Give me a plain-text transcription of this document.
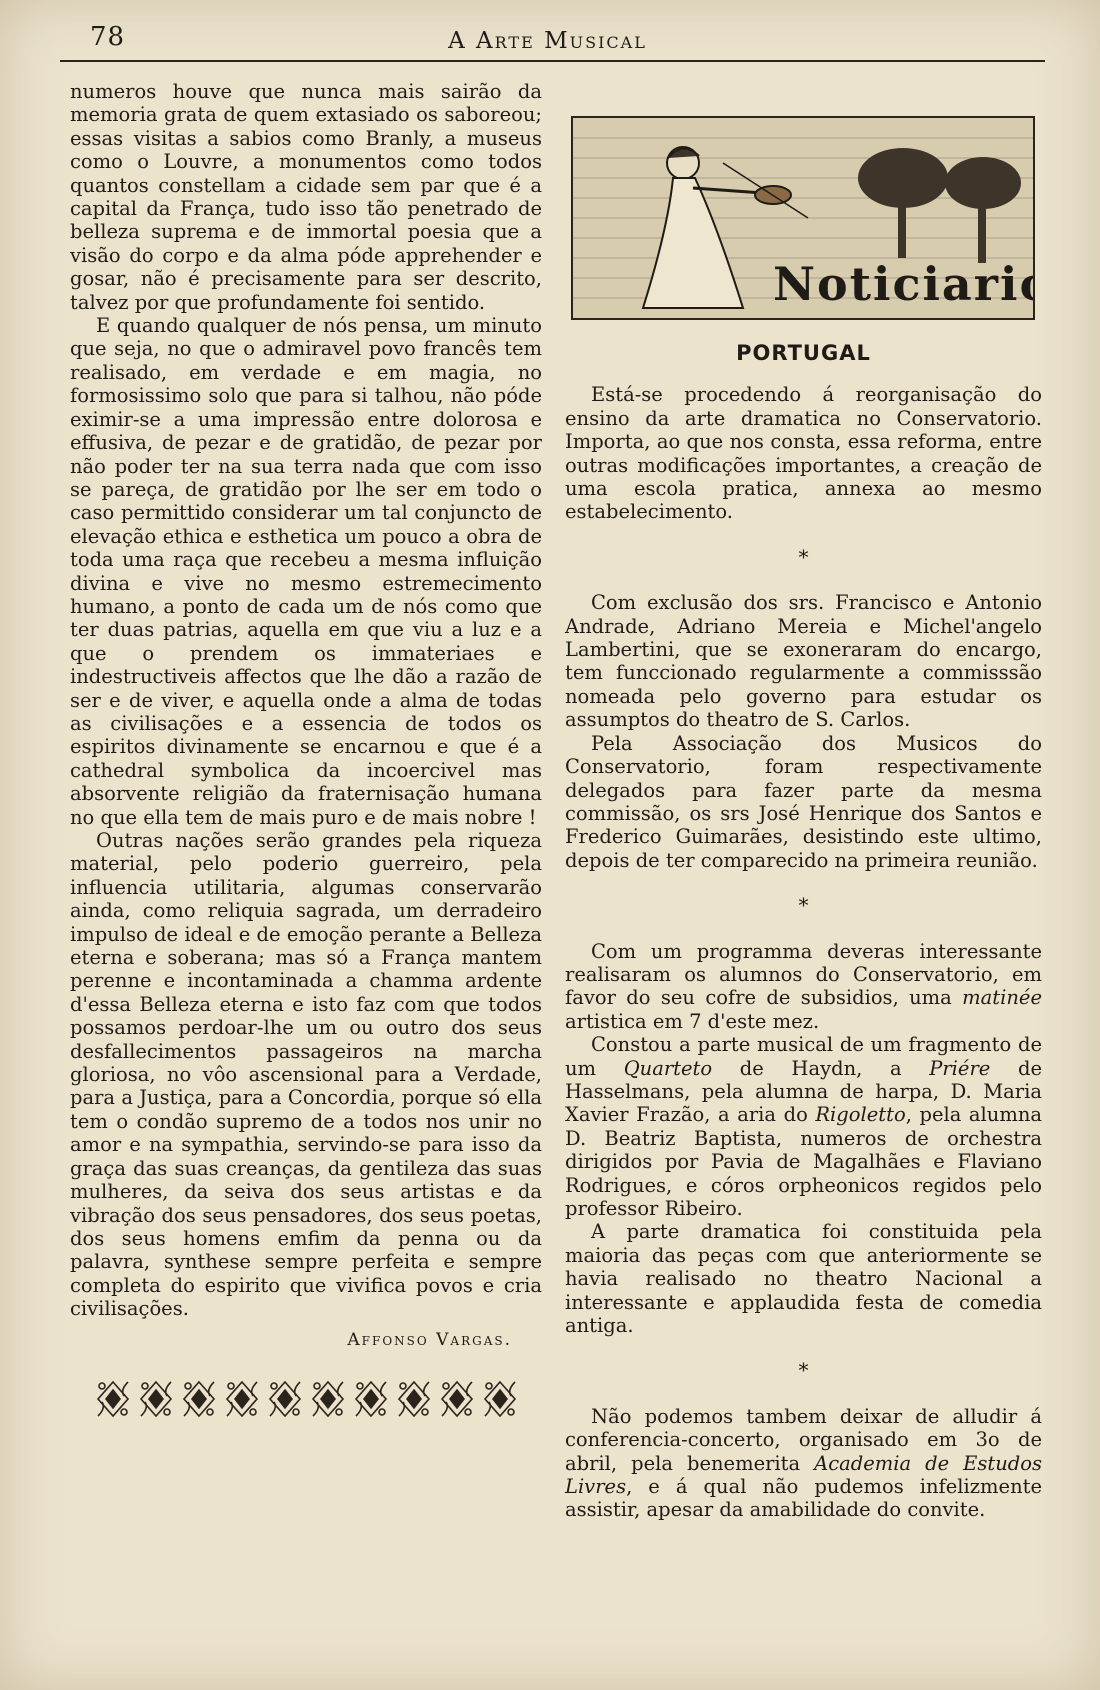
78	A Arte Musical

numeros houve que nunca mais sairão da memoria grata de quem extasiado os saboreou; essas visitas a sabios como Branly, a museus como o Louvre, a monumentos como todos quantos constellam a cidade sem par que é a capital da França, tudo isso tão penetrado de belleza suprema e de immortal poesia que a visão do corpo e da alma póde apprehender e gosar, não é precisamente para ser descrito, talvez por que profundamente foi sentido.

E quando qualquer de nós pensa, um minuto que seja, no que o admiravel povo francês tem realisado, em verdade e em magia, no formosissimo solo que para si talhou, não póde eximir-se a uma impressão entre dolorosa e effusiva, de pezar e de gratidão, de pezar por não poder ter na sua terra nada que com isso se pareça, de gratidão por lhe ser em todo o caso permittido considerar um tal conjuncto de elevação ethica e esthetica um pouco a obra de toda uma raça que recebeu a mesma influição divina e vive no mesmo estremecimento humano, a ponto de cada um de nós como que ter duas patrias, aquella em que viu a luz e a que o prendem os immateriaes e indestructiveis affectos que lhe dão a razão de ser e de viver, e aquella onde a alma de todas as civilisações e a essencia de todos os espiritos divinamente se encarnou e que é a cathedral symbolica da incoercivel mas absorvente religião da fraternisação humana no que ella tem de mais puro e de mais nobre !

Outras nações serão grandes pela riqueza material, pelo poderio guerreiro, pela influencia utilitaria, algumas conservarão ainda, como reliquia sagrada, um derradeiro impulso de ideal e de emoção perante a Belleza eterna e soberana; mas só a França mantem perenne e incontaminada a chamma ardente d'essa Belleza eterna e isto faz com que todos possamos perdoar-lhe um ou outro dos seus desfallecimentos passageiros na marcha gloriosa, no vôo ascensional para a Verdade, para a Justiça, para a Concordia, porque só ella tem o condão supremo de a todos nos unir no amor e na sympathia, servindo-se para isso da graça das suas creanças, da gentileza das suas mulheres, da seiva dos seus artistas e da vibração dos seus pensadores, dos seus poetas, dos seus homens emfim da penna ou da palavra, synthese sempre perfeita e sempre completa do espirito que vivifica povos e cria civilisações.

Affonso Vargas.
Noticiario
PORTUGAL

Está-se procedendo á reorganisação do ensino da arte dramatica no Conservatorio. Importa, ao que nos consta, essa reforma, entre outras modificações importantes, a creação de uma escola pratica, annexa ao mesmo estabelecimento.

*

Com exclusão dos srs. Francisco e Antonio Andrade, Adriano Mereia e Michel'angelo Lambertini, que se exoneraram do encargo, tem funccionado regularmente a commisssão nomeada pelo governo para estudar os assumptos do theatro de S. Carlos.

Pela Associação dos Musicos do Conservatorio, foram respectivamente delegados para fazer parte da mesma commissão, os srs José Henrique dos Santos e Frederico Guimarães, desistindo este ultimo, depois de ter comparecido na primeira reunião.

*

Com um programma deveras interessante realisaram os alumnos do Conservatorio, em favor do seu cofre de subsidios, uma matinée artistica em 7 d'este mez.

Constou a parte musical de um fragmento de um Quarteto de Haydn, a Priére de Hasselmans, pela alumna de harpa, D. Maria Xavier Frazão, a aria do Rigoletto, pela alumna D. Beatriz Baptista, numeros de orchestra dirigidos por Pavia de Magalhães e Flaviano Rodrigues, e córos orpheonicos regidos pelo professor Ribeiro.

A parte dramatica foi constituida pela maioria das peças com que anteriormente se havia realisado no theatro Nacional a interessante e applaudida festa de comedia antiga.

*

Não podemos tambem deixar de alludir á conferencia-concerto, organisado em 3o de abril, pela benemerita Academia de Estudos Livres, e á qual não pudemos infelizmente assistir, apesar da amabilidade do convite.
